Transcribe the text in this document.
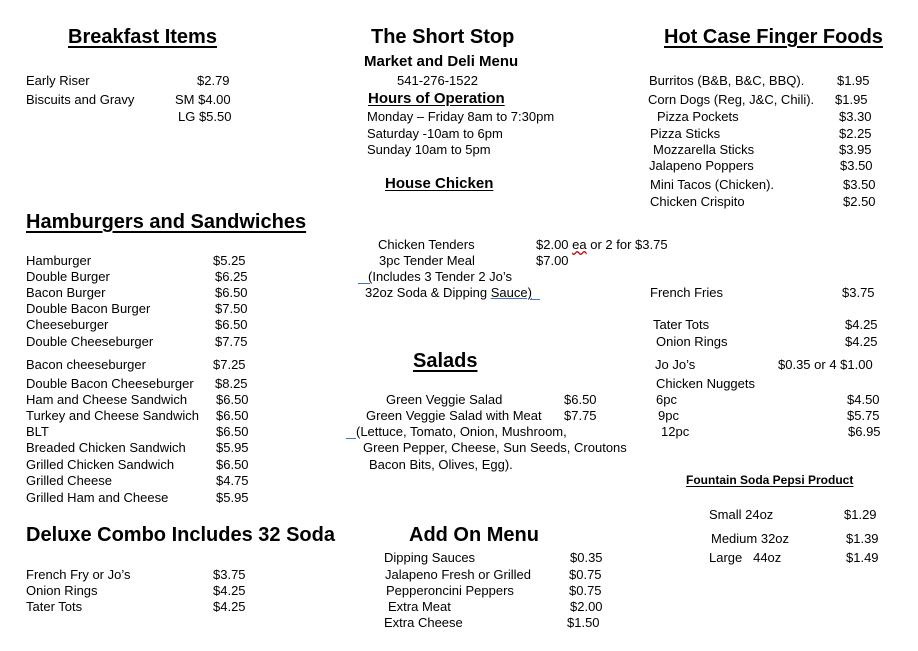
Breakfast Items
Early Riser	$2.79
Biscuits and Gravy	SM $4.00
LG $5.50
Hamburgers and Sandwiches
Hamburger	$5.25
Double Burger	$6.25
Bacon Burger	$6.50
Double Bacon Burger	$7.50
Cheeseburger	$6.50
Double Cheeseburger	$7.75
Bacon cheeseburger	$7.25
Double Bacon Cheeseburger $8.25
Ham and Cheese Sandwich $6.50
Turkey and Cheese Sandwich $6.50
BLT	$6.50
Breaded Chicken Sandwich $5.95
Grilled Chicken Sandwich	$6.50
Grilled Cheese	$4.75
Grilled Ham and Cheese	$5.95
Deluxe Combo Includes 32 Soda
French Fry or Jo’s	$3.75
Onion Rings	$4.25
Tater Tots	$4.25
The Short Stop
Market and Deli Menu
541-276-1522
Hours of Operation
Monday – Friday 8am to 7:30pm
Saturday -10am to 6pm
Sunday 10am to 5pm
House Chicken
Chicken Tenders	$2.00 ea or 2 for $3.75
3pc Tender Meal	$7.00
(Includes 3 Tender 2 Jo’s
32oz Soda & Dipping Sauce)
Salads
Green Veggie Salad	$6.50
Green Veggie Salad with Meat $7.75
(Lettuce, Tomato, Onion, Mushroom,
Green Pepper, Cheese, Sun Seeds, Croutons
Bacon Bits, Olives, Egg).
Add On Menu
Dipping Sauces	$0.35
Jalapeno Fresh or Grilled	$0.75
Pepperoncini Peppers	$0.75
Extra Meat	$2.00
Extra Cheese	$1.50
Hot Case Finger Foods
Burritos (B&B, B&C, BBQ).	$1.95
Corn Dogs (Reg, J&C, Chili). $1.95
Pizza Pockets	$3.30
Pizza Sticks	$2.25
Mozzarella Sticks	$3.95
Jalapeno Poppers	$3.50
Mini Tacos (Chicken).	$3.50
Chicken Crispito	$2.50
French Fries	$3.75
Tater Tots	$4.25
Onion Rings	$4.25
Jo Jo’s	$0.35 or 4 $1.00
Chicken Nuggets
6pc	$4.50
9pc	$5.75
12pc	$6.95
Fountain Soda Pepsi Product
Small 24oz	$1.29
Medium 32oz	$1.39
Large   44oz	$1.49
